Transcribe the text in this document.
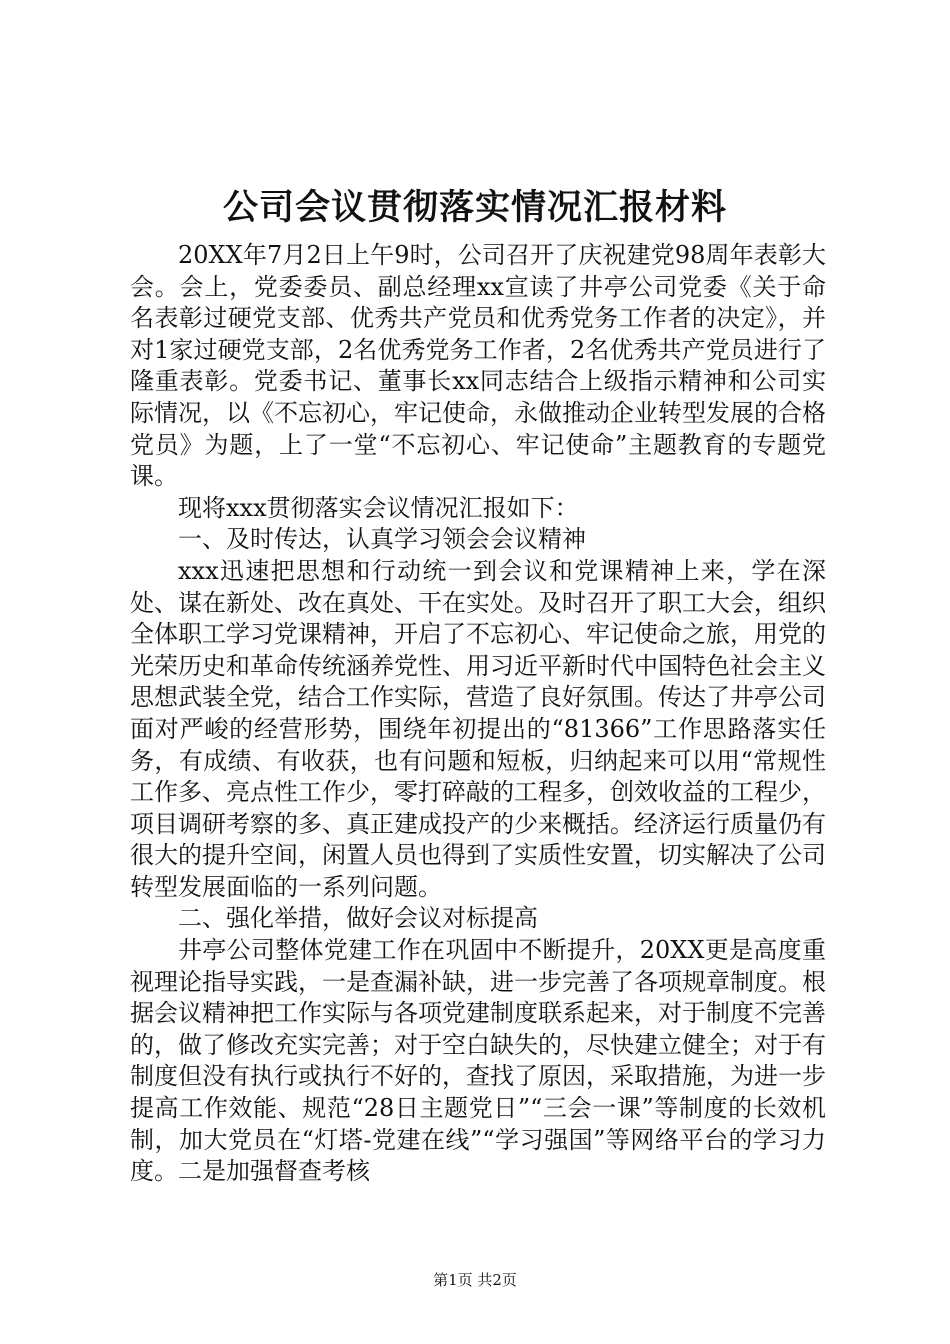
公司会议贯彻落实情况汇报材料

20XX年7月2日上午9时，公司召开了庆祝建党98周年表彰大会。会上，党委委员、副总经理xx宣读了井亭公司党委《关于命名表彰过硬党支部、优秀共产党员和优秀党务工作者的决定》，并对1家过硬党支部，2名优秀党务工作者，2名优秀共产党员进行了隆重表彰。党委书记、董事长xx同志结合上级指示精神和公司实际情况，以《不忘初心，牢记使命，永做推动企业转型发展的合格党员》为题，上了一堂“不忘初心、牢记使命”主题教育的专题党课。

现将xxx贯彻落实会议情况汇报如下：

一、及时传达，认真学习领会会议精神

xxx迅速把思想和行动统一到会议和党课精神上来，学在深处、谋在新处、改在真处、干在实处。及时召开了职工大会，组织全体职工学习党课精神，开启了不忘初心、牢记使命之旅，用党的光荣历史和革命传统涵养党性、用习近平新时代中国特色社会主义思想武装全党，结合工作实际，营造了良好氛围。传达了井亭公司面对严峻的经营形势，围绕年初提出的“81366”工作思路落实任务，有成绩、有收获，也有问题和短板，归纳起来可以用“常规性工作多、亮点性工作少，零打碎敲的工程多，创效收益的工程少，项目调研考察的多、真正建成投产的少来概括。经济运行质量仍有很大的提升空间，闲置人员也得到了实质性安置，切实解决了公司转型发展面临的一系列问题。

二、强化举措，做好会议对标提高

井亭公司整体党建工作在巩固中不断提升，20XX更是高度重视理论指导实践，一是查漏补缺，进一步完善了各项规章制度。根据会议精神把工作实际与各项党建制度联系起来，对于制度不完善的，做了修改充实完善；对于空白缺失的，尽快建立健全；对于有制度但没有执行或执行不好的，查找了原因，采取措施，为进一步提高工作效能、规范“28日主题党日”“三会一课”等制度的长效机制，加大党员在“灯塔-党建在线”“学习强国”等网络平台的学习力度。二是加强督查考核

第1页 共2页
